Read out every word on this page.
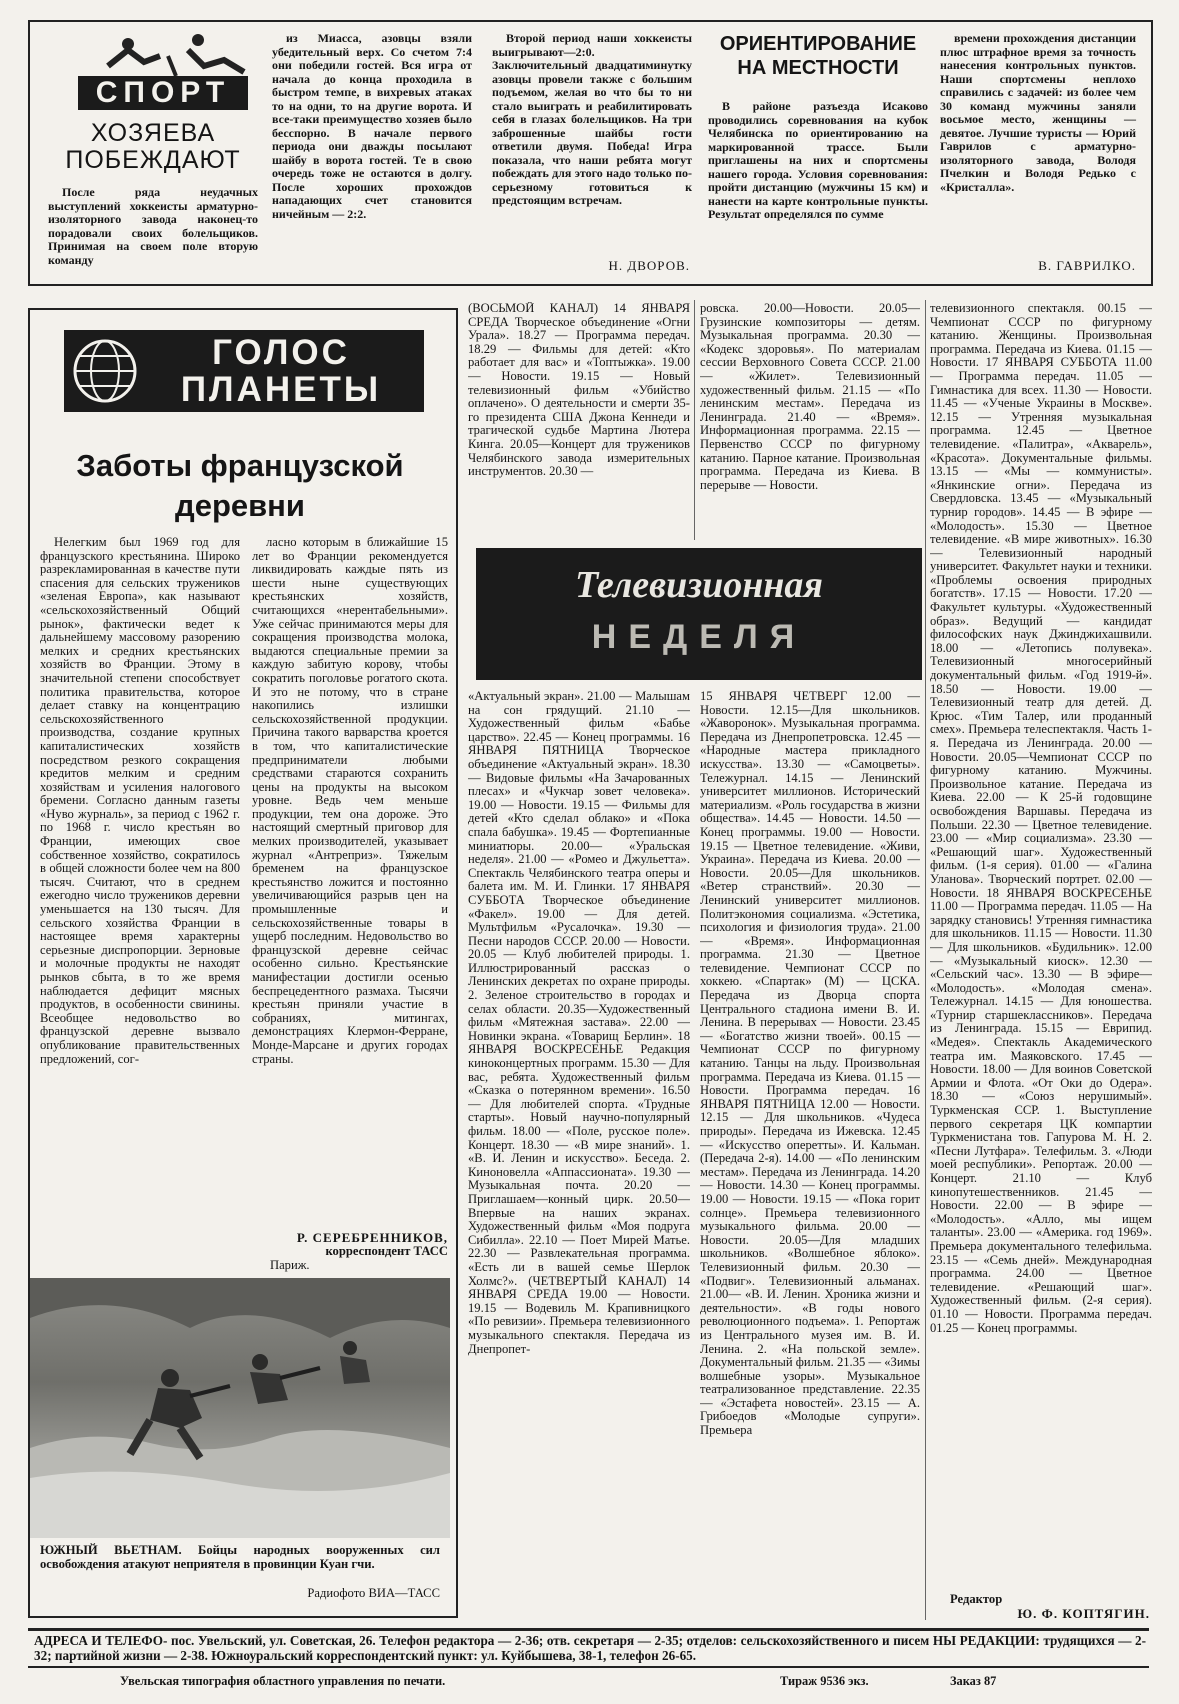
СПОРТ
ХОЗЯЕВА ПОБЕЖДАЮТ
После ряда неудачных выступлений хоккеисты арматурно-изоляторного завода наконец-то порадовали своих болельщиков. Принимая на своем поле вторую команду
из Миасса, азовцы взяли убедительный верх. Со счетом 7:4 они победили гостей. Вся игра от начала до конца проходила в быстром темпе, в вихревых атаках то на одни, то на другие ворота. И все-таки преимущество хозяев было бесспорно. В начале первого периода они дважды посылают шайбу в ворота гостей. Те в свою очередь тоже не остаются в долгу. После хороших прохождов нападающих счет становится ничейным — 2:2.
Второй период наши хоккеисты выигрывают—2:0. Заключительный двадцатиминутку азовцы провели также с большим подъемом, желая во что бы то ни стало выиграть и реабилитировать себя в глазах болельщиков. На три заброшенные шайбы гости ответили двумя. Победа! Игра показала, что наши ребята могут побеждать для этого надо только по-серьезному готовиться к предстоящим встречам.
Н. ДВОРОВ.
ОРИЕНТИРОВАНИЕ НА МЕСТНОСТИ
В районе разъезда Исаково проводились соревнования на кубок Челябинска по ориентированию на маркированной трассе. Были приглашены на них и спортсмены нашего города. Условия соревнования: пройти дистанцию (мужчины 15 км) и нанести на карте контрольные пункты. Результат определялся по сумме
времени прохождения дистанции плюс штрафное время за точность нанесения контрольных пунктов. Наши спортсмены неплохо справились с задачей: из более чем 30 команд мужчины заняли восьмое место, женщины — девятое. Лучшие туристы — Юрий Гаврилов с арматурно-изоляторного завода, Володя Пчелкин и Володя Редько с «Кристалла».
В. ГАВРИЛКО.
ГОЛОС ПЛАНЕТЫ
Заботы французской деревни
Нелегким был 1969 год для французского крестьянина. Широко разрекламированная в качестве пути спасения для сельских тружеников «зеленая Европа», как называют «сельскохозяйственный Общий рынок», фактически ведет к дальнейшему массовому разорению мелких и средних крестьянских хозяйств во Франции. Этому в значительной степени способствует политика правительства, которое делает ставку на концентрацию сельскохозяйственного производства, создание крупных капиталистических хозяйств посредством резкого сокращения кредитов мелким и средним хозяйствам и усиления налогового бремени. Согласно данным газеты «Нуво журналь», за период с 1962 г. по 1968 г. число крестьян во Франции, имеющих свое собственное хозяйство, сократилось в общей сложности более чем на 800 тысяч. Считают, что в среднем ежегодно число тружеников деревни уменьшается на 130 тысяч. Для сельского хозяйства Франции в настоящее время характерны серьезные диспропорции. Зерновые и молочные продукты не находят рынков сбыта, в то же время наблюдается дефицит мясных продуктов, в особенности свинины. Всеобщее недовольство во французской деревне вызвало опубликование правительственных предложений, сог-
ласно которым в ближайшие 15 лет во Франции рекомендуется ликвидировать каждые пять из шести ныне существующих крестьянских хозяйств, считающихся «нерентабельными». Уже сейчас принимаются меры для сокращения производства молока, выдаются специальные премии за каждую забитую корову, чтобы сократить поголовье рогатого скота. И это не потому, что в стране накопились излишки сельскохозяйственной продукции. Причина такого варварства кроется в том, что капиталистические предприниматели любыми средствами стараются сохранить цены на продукты на высоком уровне. Ведь чем меньше продукции, тем она дороже. Это настоящий смертный приговор для мелких производителей, указывает журнал «Антреприз». Тяжелым бременем на французское крестьянство ложится и постоянно увеличивающийся разрыв цен на промышленные и сельскохозяйственные товары в ущерб последним. Недовольство во французской деревне сейчас особенно сильно. Крестьянские манифестации достигли осенью беспрецедентного размаха. Тысячи крестьян приняли участие в собраниях, митингах, демонстрациях Клермон-Ферране, Монде-Марсане и других городах страны.
Р. СЕРЕБРЕННИКОВ,
корреспондент ТАСС
Париж.
ЮЖНЫЙ ВЬЕТНАМ. Бойцы народных вооруженных сил освобождения атакуют неприятеля в провинции Куан гчи.
Радиофото ВИА—ТАСС
(ВОСЬМОЙ КАНАЛ) 14 ЯНВАРЯ СРЕДА Творческое объединение «Огни Урала». 18.27 — Программа передач. 18.29 — Фильмы для детей: «Кто работает для вас» и «Топтыжка». 19.00 — Новости. 19.15 — Новый телевизионный фильм «Убийство оплачено». О деятельности и смерти 35-го президента США Джона Кеннеди и трагической судьбе Мартина Лютера Кинга. 20.05—Концерт для тружеников Челябинского завода измерительных инструментов. 20.30 —
ровска. 20.00—Новости. 20.05— Грузинские композиторы — детям. Музыкальная программа. 20.30 — «Кодекс здоровья». По материалам сессии Верховного Совета СССР. 21.00 — «Жилет». Телевизионный художественный фильм. 21.15 — «По ленинским местам». Передача из Ленинграда. 21.40 — «Время». Информационная программа. 22.15 — Первенство СССР по фигурному катанию. Парное катание. Произвольная программа. Передача из Киева. В перерыве — Новости.
Телевизионная
НЕДЕЛЯ
«Актуальный экран». 21.00 — Малышам на сон грядущий. 21.10 — Художественный фильм «Бабье царство». 22.45 — Конец программы. 16 ЯНВАРЯ ПЯТНИЦА Творческое объединение «Актуальный экран». 18.30 — Видовые фильмы «На Зачарованных плесах» и «Чукчар зовет человека». 19.00 — Новости. 19.15 — Фильмы для детей «Кто сделал облако» и «Пока спала бабушка». 19.45 — Фортепианные миниатюры. 20.00— «Уральская неделя». 21.00 — «Ромео и Джульетта». Спектакль Челябинского театра оперы и балета им. М. И. Глинки. 17 ЯНВАРЯ СУББОТА Творческое объединение «Факел». 19.00 — Для детей. Мультфильм «Русалочка». 19.30 — Песни народов СССР. 20.00 — Новости. 20.05 — Клуб любителей природы. 1. Иллюстрированный рассказ о Ленинских декретах по охране природы. 2. Зеленое строительство в городах и селах области. 20.35—Художественный фильм «Мятежная застава». 22.00 — Новинки экрана. «Товарищ Берлин». 18 ЯНВАРЯ ВОСКРЕСЕНЬЕ Редакция киноконцертных программ. 15.30 — Для вас, ребята. Художественный фильм «Сказка о потерянном времени». 16.50 — Для любителей спорта. «Трудные старты». Новый научно-популярный фильм. 18.00 — «Поле, русское поле». Концерт. 18.30 — «В мире знаний». 1. «В. И. Ленин и искусство». Беседа. 2. Киноновелла «Аппассионата». 19.30 — Музыкальная почта. 20.20 — Приглашаем—конный цирк. 20.50— Впервые на наших экранах. Художественный фильм «Моя подруга Сибилла». 22.10 — Поет Мирей Матье. 22.30 — Развлекательная программа. «Есть ли в вашей семье Шерлок Холмс?». (ЧЕТВЕРТЫЙ КАНАЛ) 14 ЯНВАРЯ СРЕДА 19.00 — Новости. 19.15 — Водевиль М. Крапивницкого «По ревизии». Премьера телевизионного музыкального спектакля. Передача из Днепропет-
15 ЯНВАРЯ ЧЕТВЕРГ 12.00 — Новости. 12.15—Для школьников. «Жаворонок». Музыкальная программа. Передача из Днепропетровска. 12.45 — «Народные мастера прикладного искусства». 13.30 — «Самоцветы». Тележурнал. 14.15 — Ленинский университет миллионов. Исторический материализм. «Роль государства в жизни общества». 14.45 — Новости. 14.50 — Конец программы. 19.00 — Новости. 19.15 — Цветное телевидение. «Живи, Украина». Передача из Киева. 20.00 — Новости. 20.05—Для школьников. «Ветер странствий». 20.30 — Ленинский университет миллионов. Политэкономия социализма. «Эстетика, психология и физиология труда». 21.00 — «Время». Информационная программа. 21.30 — Цветное телевидение. Чемпионат СССР по хоккею. «Спартак» (М) — ЦСКА. Передача из Дворца спорта Центрального стадиона имени В. И. Ленина. В перерывах — Новости. 23.45 — «Богатство жизни твоей». 00.15 — Чемпионат СССР по фигурному катанию. Танцы на льду. Произвольная программа. Передача из Киева. 01.15 — Новости. Программа передач. 16 ЯНВАРЯ ПЯТНИЦА 12.00 — Новости. 12.15 — Для школьников. «Чудеса природы». Передача из Ижевска. 12.45 — «Искусство оперетты». И. Кальман. (Передача 2-я). 14.00 — «По ленинским местам». Передача из Ленинграда. 14.20 — Новости. 14.30 — Конец программы. 19.00 — Новости. 19.15 — «Пока горит солнце». Премьера телевизионного музыкального фильма. 20.00 — Новости. 20.05—Для младших школьников. «Волшебное яблоко». Телевизионный фильм. 20.30 — «Подвиг». Телевизионный альманах. 21.00— «В. И. Ленин. Хроника жизни и деятельности». «В годы нового революционного подъема». 1. Репортаж из Центрального музея им. В. И. Ленина. 2. «На польской земле». Документальный фильм. 21.35 — «Зимы волшебные узоры». Музыкальное театрализованное представление. 22.35 — «Эстафета новостей». 23.15 — А. Грибоедов «Молодые супруги». Премьера
телевизионного спектакля. 00.15 —Чемпионат СССР по фигурному катанию. Женщины. Произвольная программа. Передача из Киева. 01.15 — Новости. 17 ЯНВАРЯ СУББОТА 11.00 — Программа передач. 11.05 — Гимнастика для всех. 11.30 — Новости. 11.45 — «Ученые Украины в Москве». 12.15 — Утренняя музыкальная программа. 12.45 — Цветное телевидение. «Палитра», «Акварель», «Красота». Документальные фильмы. 13.15 — «Мы — коммунисты». «Янкинские огни». Передача из Свердловска. 13.45 — «Музыкальный турнир городов». 14.45 — В эфире — «Молодость». 15.30 — Цветное телевидение. «В мире животных». 16.30 — Телевизионный народный университет. Факультет науки и техники. «Проблемы освоения природных богатств». 17.15 — Новости. 17.20 — Факультет культуры. «Художественный образ». Ведущий — кандидат философских наук Джинджихашвили. 18.00 — «Летопись полувека». Телевизионный многосерийный документальный фильм. «Год 1919-й». 18.50 — Новости. 19.00 — Телевизионный театр для детей. Д. Крюс. «Тим Талер, или проданный смех». Премьера телеспектакля. Часть 1-я. Передача из Ленинграда. 20.00 — Новости. 20.05—Чемпионат СССР по фигурному катанию. Мужчины. Произвольное катание. Передача из Киева. 22.00 — К 25-й годовщине освобождения Варшавы. Передача из Польши. 22.30 — Цветное телевидение. 23.00 — «Мир социализма». 23.30 — «Решающий шаг». Художественный фильм. (1-я серия). 01.00 — «Галина Уланова». Творческий портрет. 02.00 — Новости. 18 ЯНВАРЯ ВОСКРЕСЕНЬЕ 11.00 — Программа передач. 11.05 — На зарядку становись! Утренняя гимнастика для школьников. 11.15 — Новости. 11.30 — Для школьников. «Будильник». 12.00 — «Музыкальный киоск». 12.30 — «Сельский час». 13.30 — В эфире— «Молодость». «Молодая смена». Тележурнал. 14.15 — Для юношества. «Турнир старшеклассников». Передача из Ленинграда. 15.15 — Еврипид. «Медея». Спектакль Академического театра им. Маяковского. 17.45 — Новости. 18.00 — Для воинов Советской Армии и Флота. «От Оки до Одера». 18.30 — «Союз нерушимый». Туркменская ССР. 1. Выступление первого секретаря ЦК компартии Туркменистана тов. Гапурова М. Н. 2. «Песни Лутфара». Телефильм. 3. «Люди моей республики». Репортаж. 20.00 — Концерт. 21.10 — Клуб кинопутешественников. 21.45 — Новости. 22.00 — В эфире — «Молодость». «Алло, мы ищем таланты». 23.00 — «Америка. год 1969». Премьера документального телефильма. 23.15 — «Семь дней». Международная программа. 24.00 — Цветное телевидение. «Решающий шаг». Художественный фильм. (2-я серия). 01.10 — Новости. Программа передач. 01.25 — Конец программы.
Редактор
Ю. Ф. КОПТЯГИН.
АДРЕСА И ТЕЛЕФО- пос. Увельский, ул. Советская, 26. Телефон редактора — 2-36; отв. секретаря — 2-35; отделов: сельскохозяйственного и писем НЫ РЕДАКЦИИ: трудящихся — 2-32; партийной жизни — 2-38. Южноуральский корреспондентский пункт: ул. Куйбышева, 38-1, телефон 26-65.
Увельская типография областного управления по печати.	Тираж 9536 экз.	Заказ 87
